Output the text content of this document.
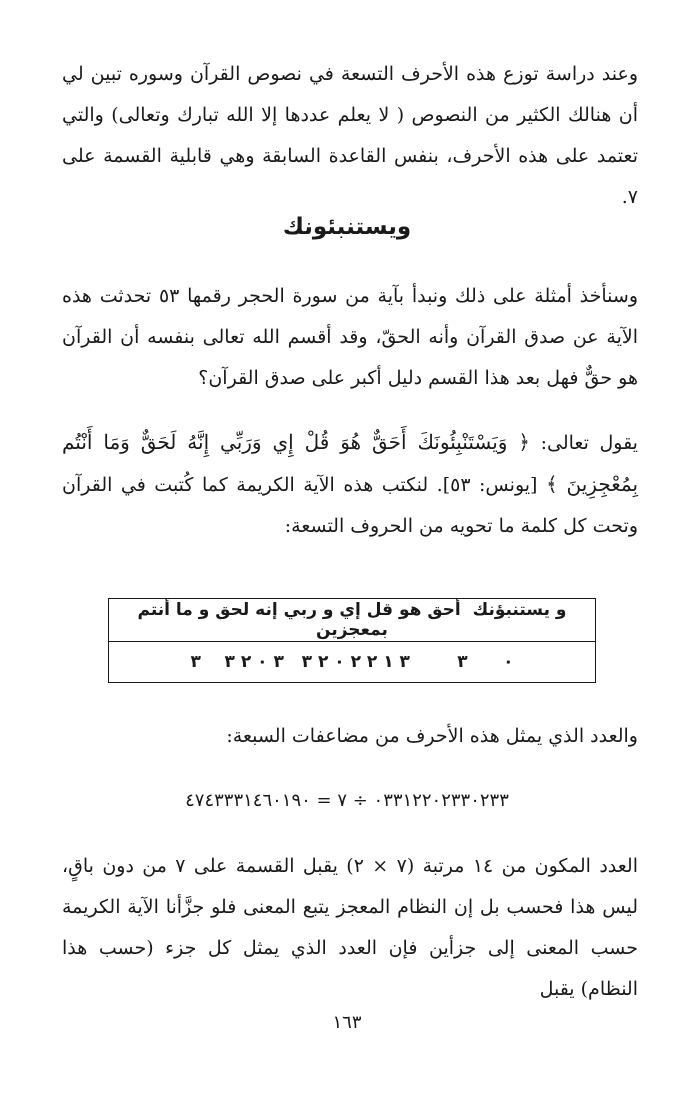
وعند دراسة توزع هذه الأحرف التسعة في نصوص القرآن وسوره تبين لي أن هنالك الكثير من النصوص ( لا يعلم عددها إلا الله تبارك وتعالى) والتي تعتمد على هذه الأحرف، بنفس القاعدة السابقة وهي قابلية القسمة على ٧.

ويستنبئونك

وسنأخذ أمثلة على ذلك ونبدأ بآية من سورة الحجر رقمها ٥٣ تحدثت هذه الآية عن صدق القرآن وأنه الحقّ، وقد أقسم الله تعالى بنفسه أن القرآن هو حقٌّ فهل بعد هذا القسم دليل أكبر على صدق القرآن؟

يقول تعالى: ﴿ وَيَسْتَنْبِئُونَكَ أَحَقٌّ هُوَ قُلْ إِي وَرَبِّي إِنَّهُ لَحَقٌّ وَمَا أَنْتُم بِمُعْجِزِينَ ﴾ [يونس: ٥٣]. لنكتب هذه الآية الكريمة كما كُتبت في القرآن وتحت كل كلمة ما تحويه من الحروف التسعة:

و يستنبؤنك  أحق هو قل إي و ربي إنه لحق و ما أنتم بمعجزين
٠      ٣        ٣ ١ ٢ ٢ ٠ ٢ ٣   ٣ ٠ ٢ ٣    ٣

والعدد الذي يمثل هذه الأحرف من مضاعفات السبعة:

٠٣٣١٢٢٠٢٣٣٠٢٣٣ ÷ ٧ = ٤٧٤٣٣٣١٤٦٠١٩٠

العدد المكون من ١٤ مرتبة (٧ × ٢) يقبل القسمة على ٧ من دون باقٍ، ليس هذا فحسب بل إن النظام المعجز يتبع المعنى فلو جزَّأنا الآية الكريمة حسب المعنى إلى جزأين فإن العدد الذي يمثل كل جزء (حسب هذا النظام) يقبل

١٦٣
